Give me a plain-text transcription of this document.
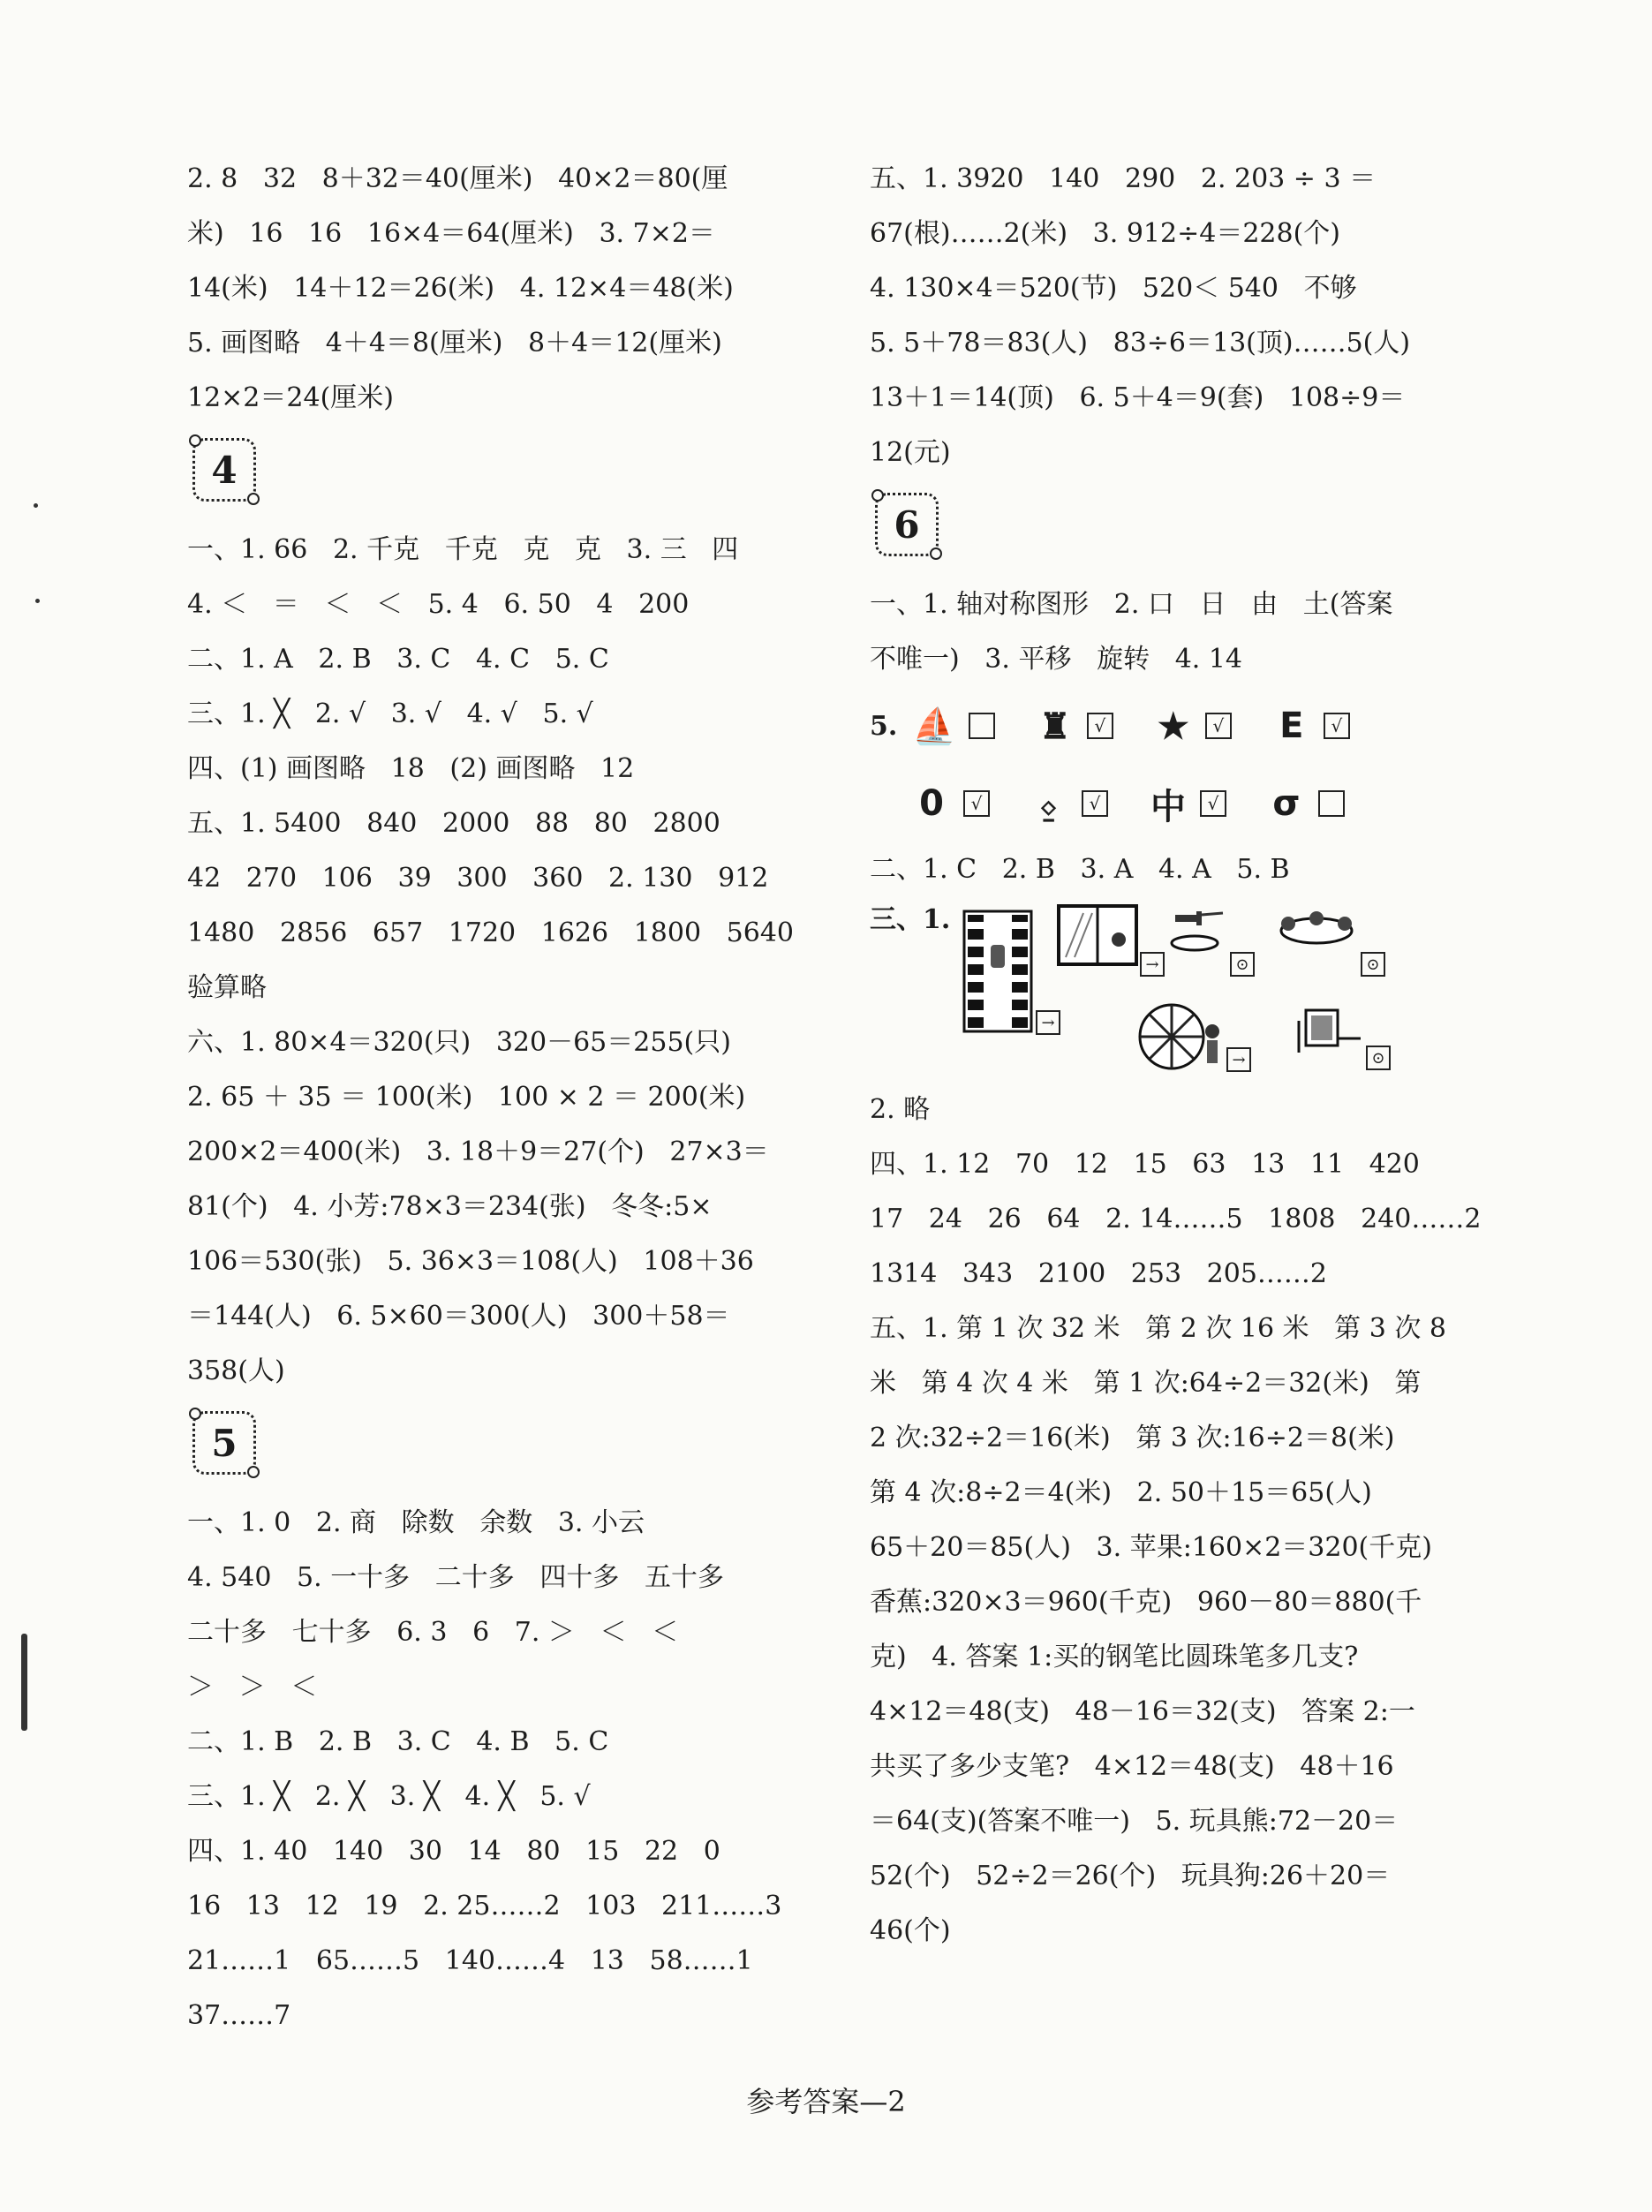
2. 8   32   8＋32＝40(厘米)   40×2＝80(厘
米)   16   16   16×4＝64(厘米)   3. 7×2＝
14(米)   14＋12＝26(米)   4. 12×4＝48(米)
5. 画图略   4＋4＝8(厘米)   8＋4＝12(厘米)
12×2＝24(厘米)
4
一、1. 66   2. 千克   千克   克   克   3. 三   四
4. ＜   ＝   ＜   ＜   5. 4   6. 50   4   200
二、1. A   2. B   3. C   4. C   5. C
三、1. ╳   2. √   3. √   4. √   5. √
四、(1) 画图略   18   (2) 画图略   12
五、1. 5400   840   2000   88   80   2800
42   270   106   39   300   360   2. 130   912
1480   2856   657   1720   1626   1800   5640
验算略
六、1. 80×4＝320(只)   320－65＝255(只)
2. 65 ＋ 35 ＝ 100(米)   100 × 2 ＝ 200(米)
200×2＝400(米)   3. 18＋9＝27(个)   27×3＝
81(个)   4. 小芳:78×3＝234(张)   冬冬:5×
106＝530(张)   5. 36×3＝108(人)   108＋36
＝144(人)   6. 5×60＝300(人)   300＋58＝
358(人)
5
一、1. 0   2. 商   除数   余数   3. 小云
4. 540   5. 一十多   二十多   四十多   五十多
二十多   七十多   6. 3   6   7. ＞   ＜   ＜
＞   ＞   ＜
二、1. B   2. B   3. C   4. B   5. C
三、1. ╳   2. ╳   3. ╳   4. ╳   5. √
四、1. 40   140   30   14   80   15   22   0
16   13   12   19   2. 25……2   103   211……3
21……1   65……5   140……4   13   58……1
37……7
五、1. 3920   140   290   2. 203 ÷ 3 ＝
67(根)……2(米)   3. 912÷4＝228(个)
4. 130×4＝520(节)   520＜ 540   不够
5. 5＋78＝83(人)   83÷6＝13(顶)……5(人)
13＋1＝14(顶)   6. 5＋4＝9(套)   108÷9＝
12(元)
6
一、1. 轴对称图形   2. 口   日   由   土(答案
不唯一)   3. 平移   旋转   4. 14
5. ⛵ ♜	√ ★	√ E	√
0	√ ⍚	√ 中	√ σ
二、1. C   2. B   3. A   4. A   5. B
三、1.
→
→	⊙	⊙
→	⊙
2. 略
四、1. 12   70   12   15   63   13   11   420
17   24   26   64   2. 14……5   1808   240……2
1314   343   2100   253   205……2
五、1. 第 1 次 32 米   第 2 次 16 米   第 3 次 8
米   第 4 次 4 米   第 1 次:64÷2＝32(米)   第
2 次:32÷2＝16(米)   第 3 次:16÷2＝8(米)
第 4 次:8÷2＝4(米)   2. 50＋15＝65(人)
65＋20＝85(人)   3. 苹果:160×2＝320(千克)
香蕉:320×3＝960(千克)   960－80＝880(千
克)   4. 答案 1:买的钢笔比圆珠笔多几支?
4×12＝48(支)   48－16＝32(支)   答案 2:一
共买了多少支笔?   4×12＝48(支)   48＋16
＝64(支)(答案不唯一)   5. 玩具熊:72－20＝
52(个)   52÷2＝26(个)   玩具狗:26＋20＝
46(个)
参考答案—2
